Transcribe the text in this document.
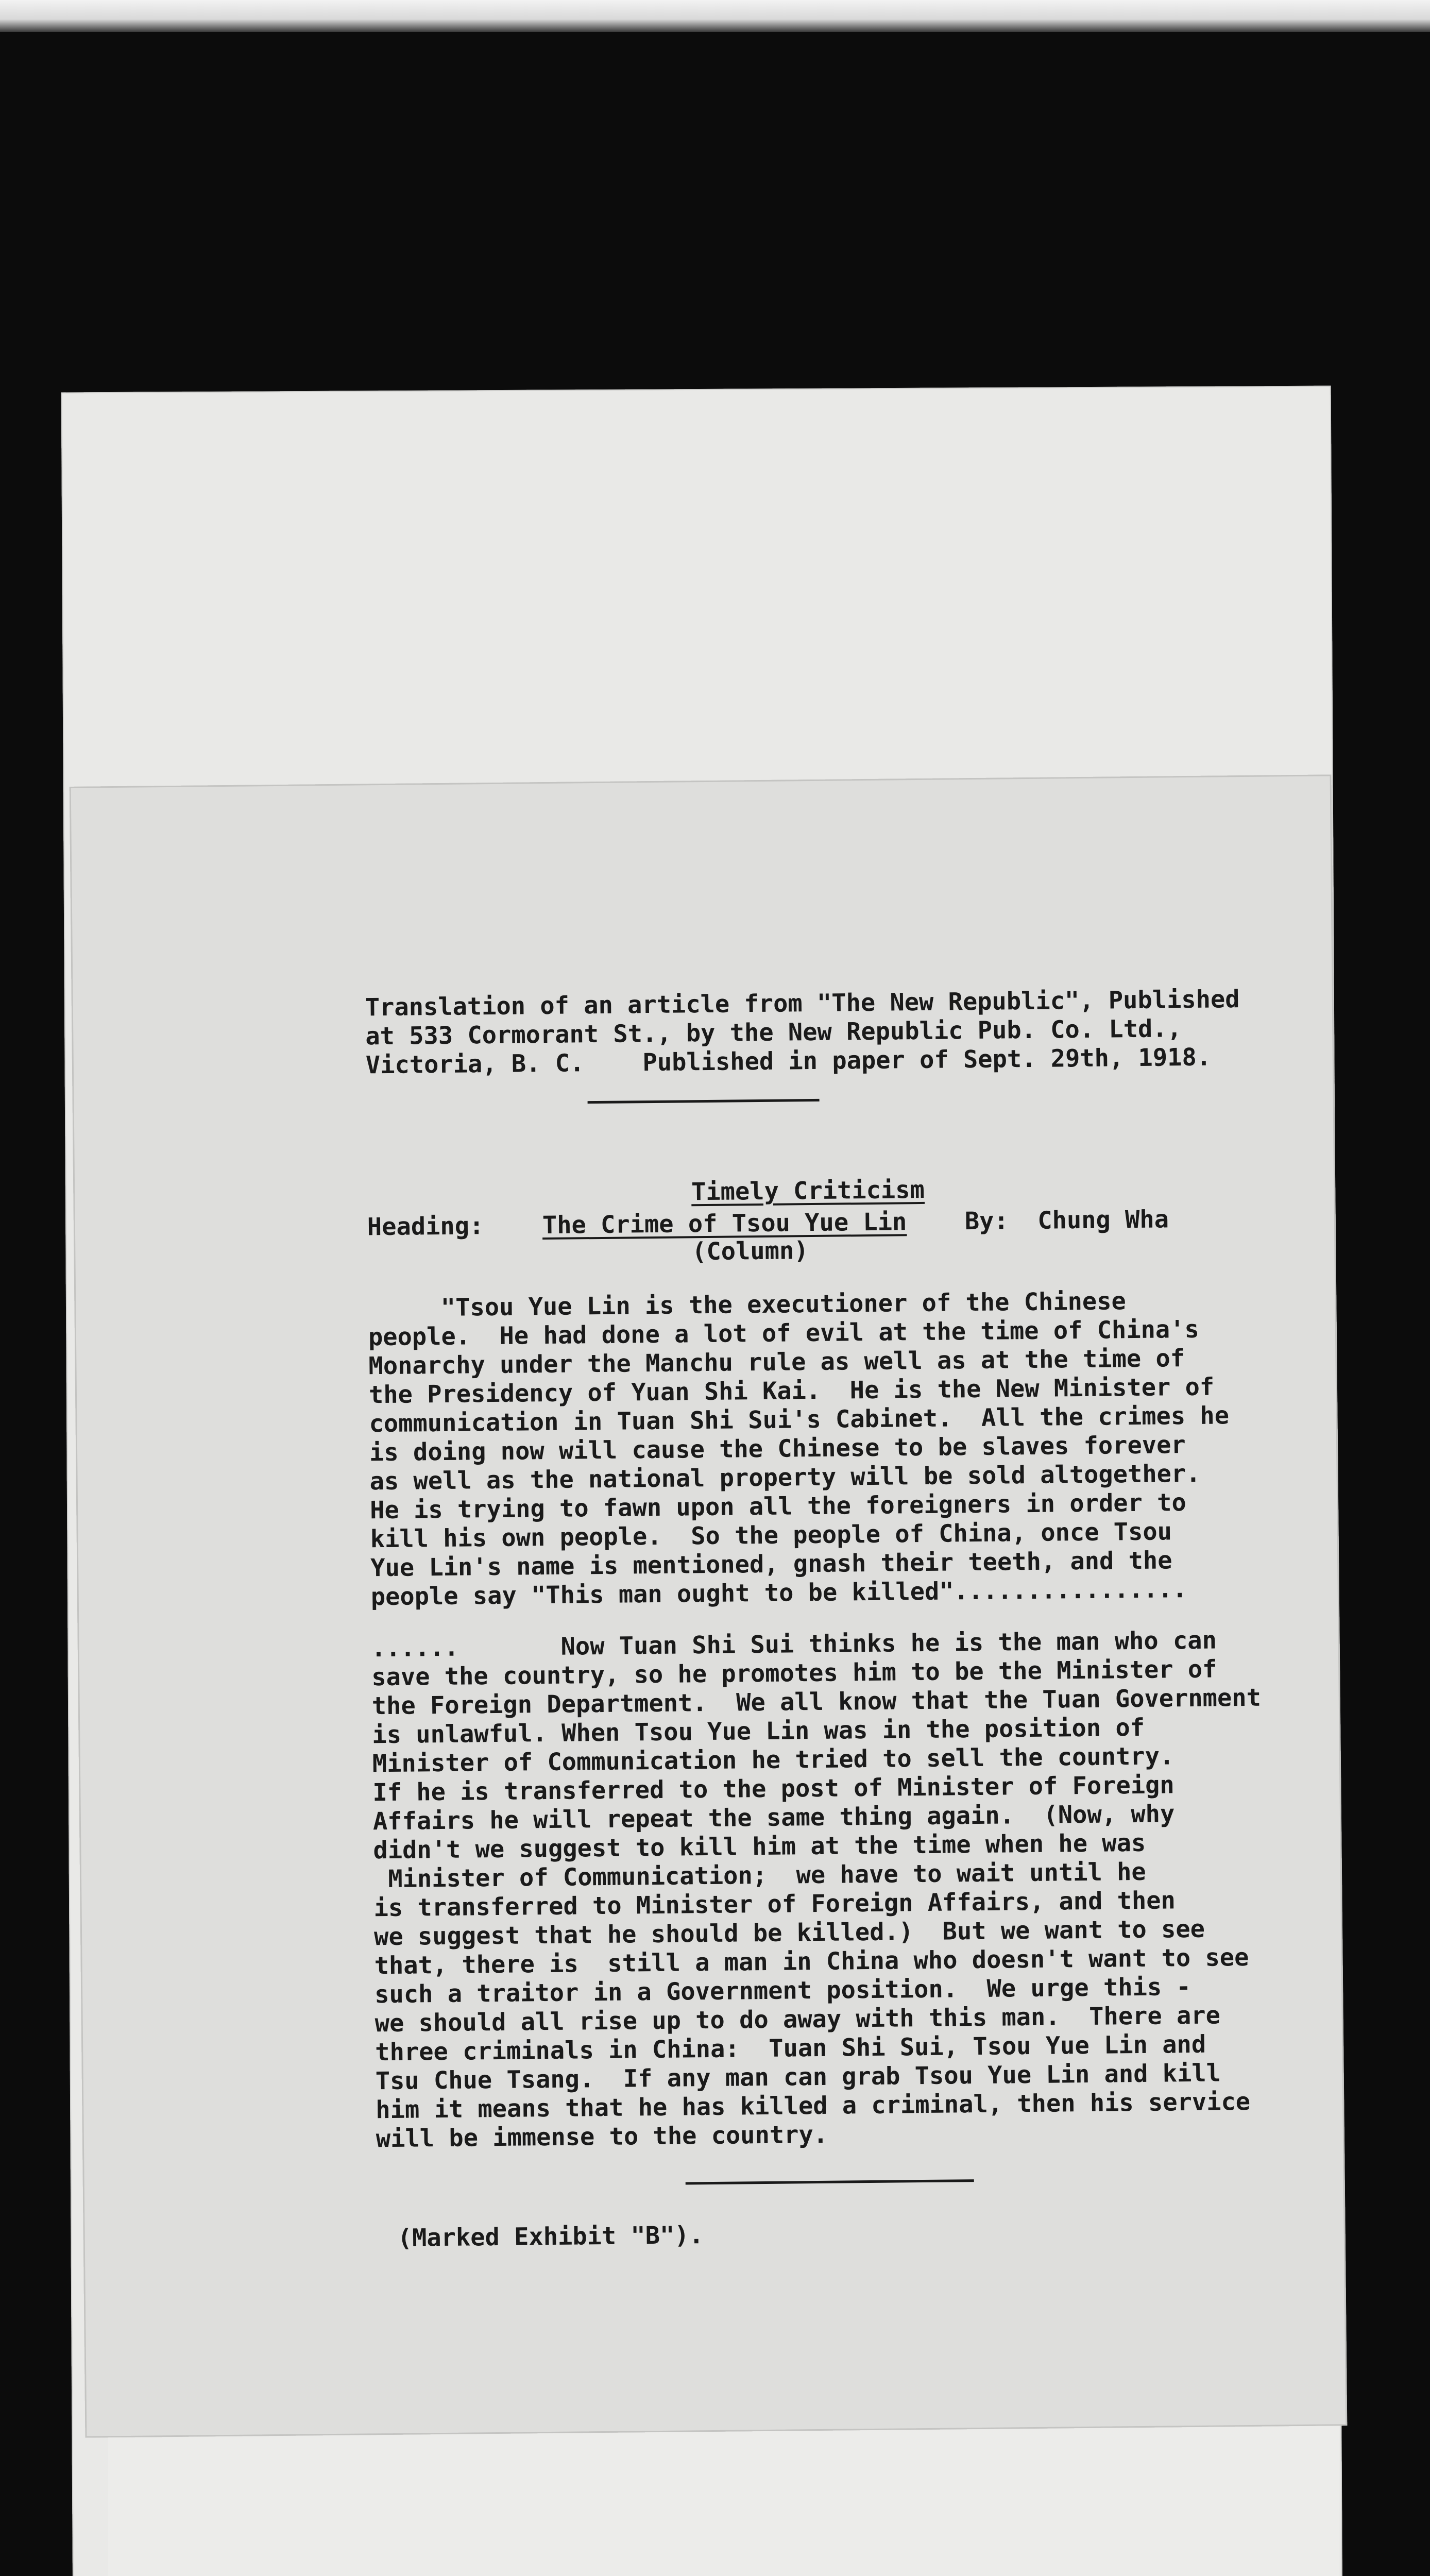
Translation of an article from "The New Republic", Published
at 533 Cormorant St., by the New Republic Pub. Co. Ltd.,
Victoria, B. C.    Published in paper of Sept. 29th, 1918.

Timely Criticism

(Column)

Heading: The Crime of Tsou Yue Lin By:  Chung Wha
"Tsou Yue Lin is the executioner of the Chinese
people.  He had done a lot of evil at the time of China's
Monarchy under the Manchu rule as well as at the time of
the Presidency of Yuan Shi Kai.  He is the New Minister of
communication in Tuan Shi Sui's Cabinet.  All the crimes he
is doing now will cause the Chinese to be slaves forever
as well as the national property will be sold altogether.
He is trying to fawn upon all the foreigners in order to
kill his own people.  So the people of China, once Tsou
Yue Lin's name is mentioned, gnash their teeth, and the
people say "This man ought to be killed"................
......       Now Tuan Shi Sui thinks he is the man who can
save the country, so he promotes him to be the Minister of
the Foreign Department.  We all know that the Tuan Government
is unlawful. When Tsou Yue Lin was in the position of
Minister of Communication he tried to sell the country.
If he is transferred to the post of Minister of Foreign
Affairs he will repeat the same thing again.  (Now, why
didn't we suggest to kill him at the time when he was
Minister of Communication;  we have to wait until he
is transferred to Minister of Foreign Affairs, and then
we suggest that he should be killed.)  But we want to see
that, there is  still a man in China who doesn't want to see
such a traitor in a Government position.  We urge this -
we should all rise up to do away with this man.  There are
three criminals in China:  Tuan Shi Sui, Tsou Yue Lin and
Tsu Chue Tsang.  If any man can grab Tsou Yue Lin and kill
him it means that he has killed a criminal, then his service
will be immense to the country.
(Marked Exhibit "B").
